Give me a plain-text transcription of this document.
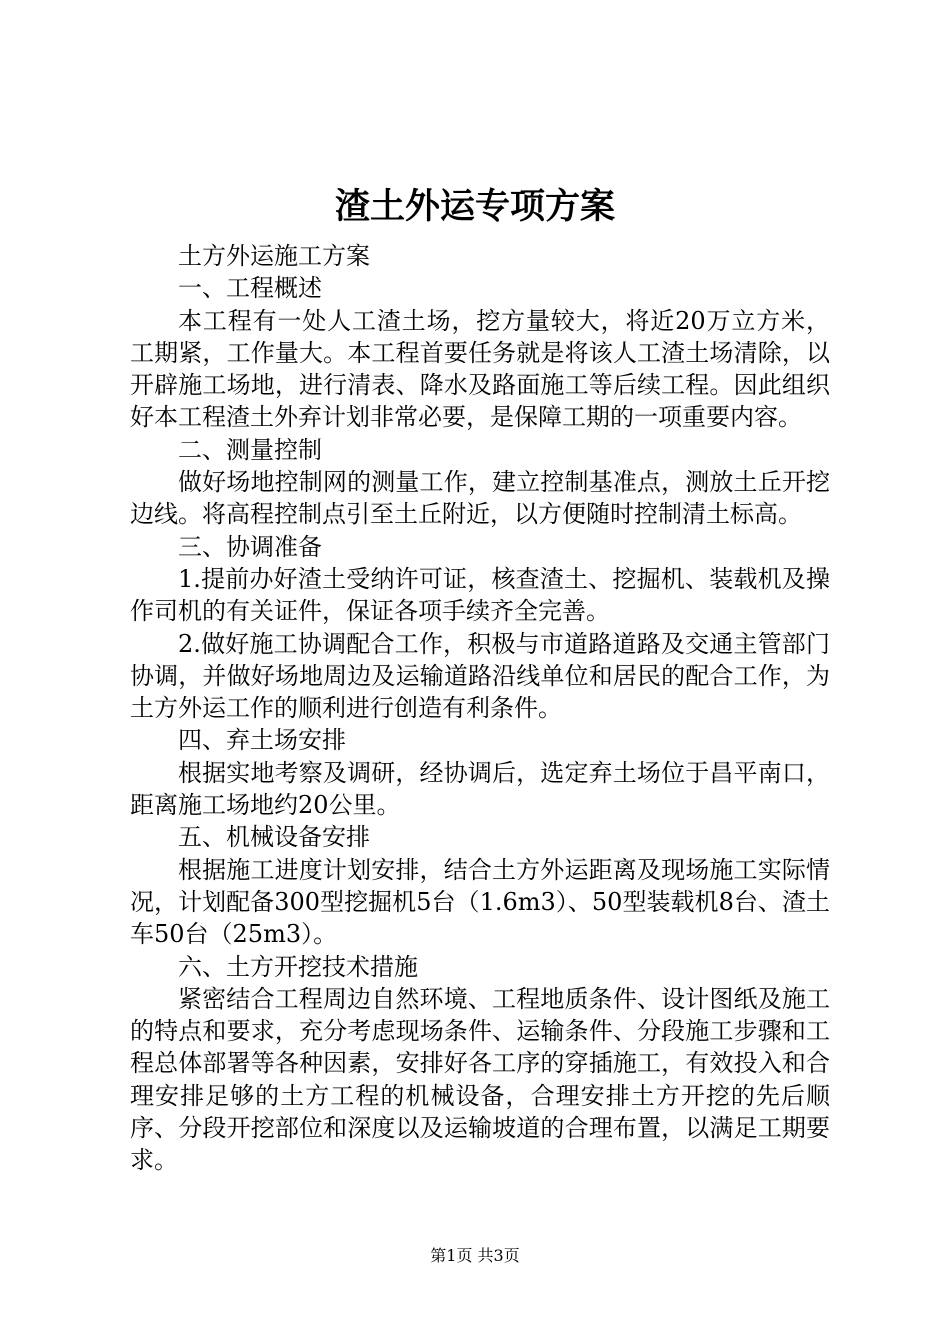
渣土外运专项方案

土方外运施工方案

一、工程概述

本工程有一处人工渣土场，挖方量较大，将近20万立方米，工期紧，工作量大。本工程首要任务就是将该人工渣土场清除，以开辟施工场地，进行清表、降水及路面施工等后续工程。因此组织好本工程渣土外弃计划非常必要，是保障工期的一项重要内容。

二、测量控制

做好场地控制网的测量工作，建立控制基准点，测放土丘开挖边线。将高程控制点引至土丘附近，以方便随时控制清土标高。

三、协调准备

1.提前办好渣土受纳许可证，核查渣土、挖掘机、装载机及操作司机的有关证件，保证各项手续齐全完善。

2.做好施工协调配合工作，积极与市道路道路及交通主管部门协调，并做好场地周边及运输道路沿线单位和居民的配合工作，为土方外运工作的顺利进行创造有利条件。

四、弃土场安排

根据实地考察及调研，经协调后，选定弃土场位于昌平南口，距离施工场地约20公里。

五、机械设备安排

根据施工进度计划安排，结合土方外运距离及现场施工实际情况，计划配备300型挖掘机5台（1.6m3）、50型装载机8台、渣土车50台（25m3）。

六、土方开挖技术措施

紧密结合工程周边自然环境、工程地质条件、设计图纸及施工的特点和要求，充分考虑现场条件、运输条件、分段施工步骤和工程总体部署等各种因素，安排好各工序的穿插施工，有效投入和合理安排足够的土方工程的机械设备，合理安排土方开挖的先后顺序、分段开挖部位和深度以及运输坡道的合理布置，以满足工期要求。

第1页 共3页
